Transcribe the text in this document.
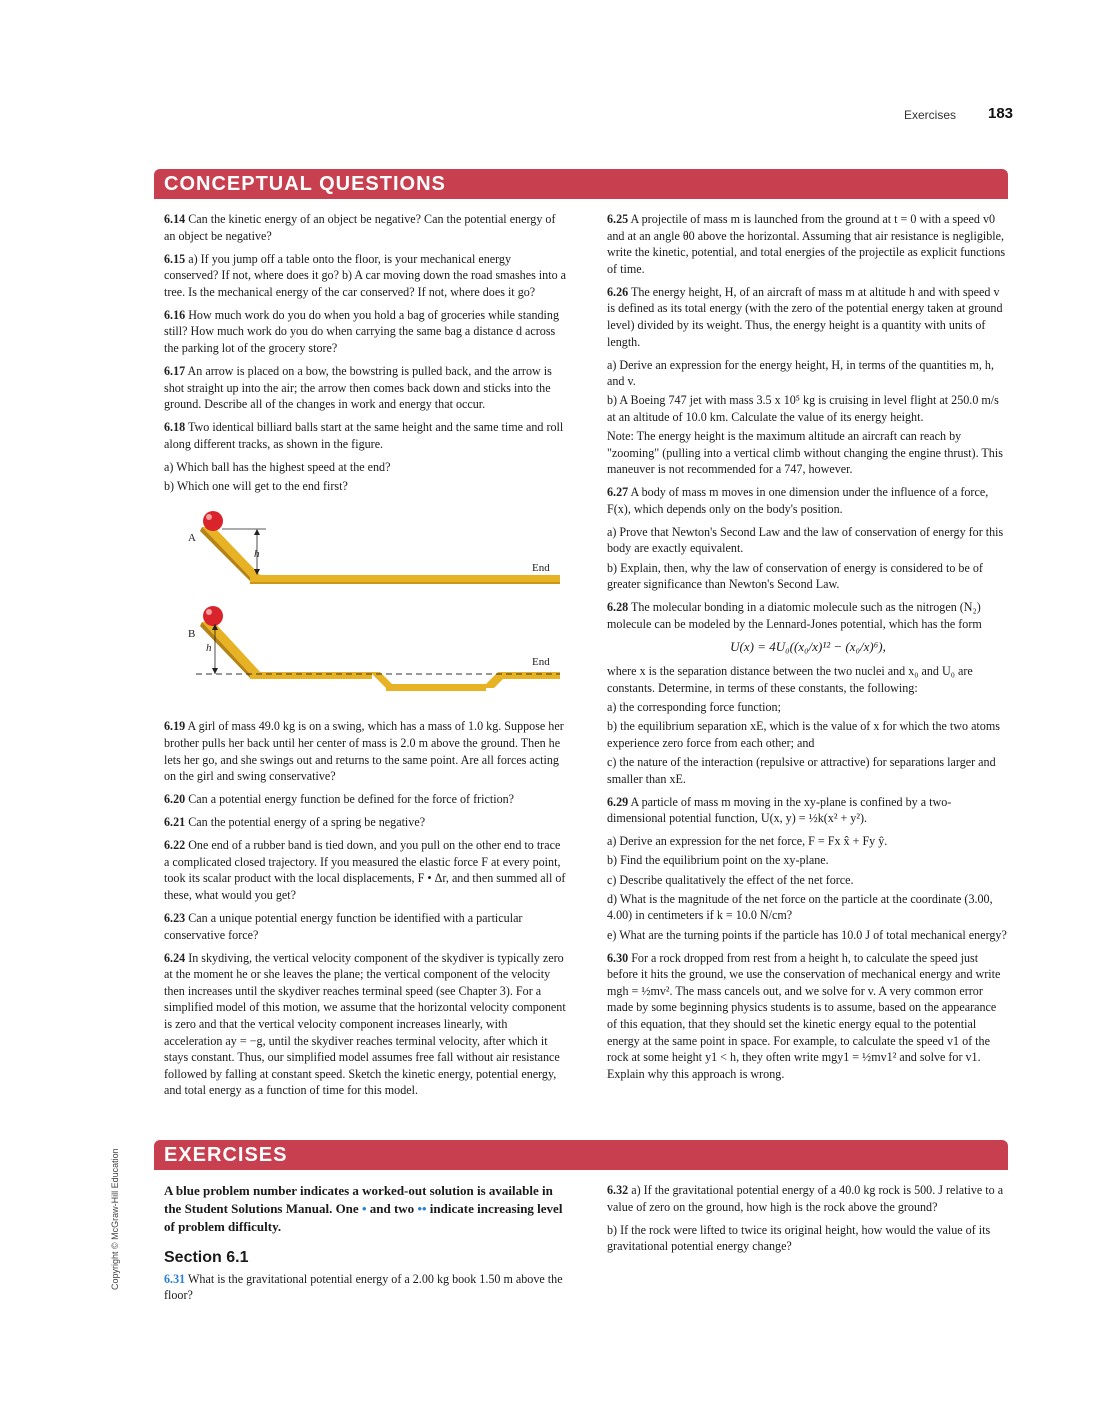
Exercises 183
Copyright © McGraw-Hill Education
CONCEPTUAL QUESTIONS

6.14 Can the kinetic energy of an object be negative? Can the potential energy of an object be negative?

6.15 a) If you jump off a table onto the floor, is your mechanical energy conserved? If not, where does it go? b) A car moving down the road smashes into a tree. Is the mechanical energy of the car conserved? If not, where does it go?

6.16 How much work do you do when you hold a bag of groceries while standing still? How much work do you do when carrying the same bag a distance d across the parking lot of the grocery store?

6.17 An arrow is placed on a bow, the bowstring is pulled back, and the arrow is shot straight up into the air; the arrow then comes back down and sticks into the ground. Describe all of the changes in work and energy that occur.

6.18 Two identical billiard balls start at the same height and the same time and roll along different tracks, as shown in the figure.

a) Which ball has the highest speed at the end?

b) Which one will get to the end first?

A
h
End
B
h
End

6.19 A girl of mass 49.0 kg is on a swing, which has a mass of 1.0 kg. Suppose her brother pulls her back until her center of mass is 2.0 m above the ground. Then he lets her go, and she swings out and returns to the same point. Are all forces acting on the girl and swing conservative?

6.20 Can a potential energy function be defined for the force of friction?

6.21 Can the potential energy of a spring be negative?

6.22 One end of a rubber band is tied down, and you pull on the other end to trace a complicated closed trajectory. If you measured the elastic force F at every point, took its scalar product with the local displacements, F • Δr, and then summed all of these, what would you get?

6.23 Can a unique potential energy function be identified with a particular conservative force?

6.24 In skydiving, the vertical velocity component of the skydiver is typically zero at the moment he or she leaves the plane; the vertical component of the velocity then increases until the skydiver reaches terminal speed (see Chapter 3). For a simplified model of this motion, we assume that the horizontal velocity component is zero and that the vertical velocity component increases linearly, with acceleration ay = −g, until the skydiver reaches terminal velocity, after which it stays constant. Thus, our simplified model assumes free fall without air resistance followed by falling at constant speed. Sketch the kinetic energy, potential energy, and total energy as a function of time for this model.

6.25 A projectile of mass m is launched from the ground at t = 0 with a speed v0 and at an angle θ0 above the horizontal. Assuming that air resistance is negligible, write the kinetic, potential, and total energies of the projectile as explicit functions of time.

6.26 The energy height, H, of an aircraft of mass m at altitude h and with speed v is defined as its total energy (with the zero of the potential energy taken at ground level) divided by its weight. Thus, the energy height is a quantity with units of length.

a) Derive an expression for the energy height, H, in terms of the quantities m, h, and v.

b) A Boeing 747 jet with mass 3.5 x 10⁵ kg is cruising in level flight at 250.0 m/s at an altitude of 10.0 km. Calculate the value of its energy height.

Note: The energy height is the maximum altitude an aircraft can reach by "zooming" (pulling into a vertical climb without changing the engine thrust). This maneuver is not recommended for a 747, however.

6.27 A body of mass m moves in one dimension under the influence of a force, F(x), which depends only on the body's position.

a) Prove that Newton's Second Law and the law of conservation of energy for this body are exactly equivalent.

b) Explain, then, why the law of conservation of energy is considered to be of greater significance than Newton's Second Law.

6.28 The molecular bonding in a diatomic molecule such as the nitrogen (N₂) molecule can be modeled by the Lennard-Jones potential, which has the form

U(x) = 4U₀((x₀/x)¹² − (x₀/x)⁶),

where x is the separation distance between the two nuclei and x₀ and U₀ are constants. Determine, in terms of these constants, the following:

a) the corresponding force function;

b) the equilibrium separation xE, which is the value of x for which the two atoms experience zero force from each other; and

c) the nature of the interaction (repulsive or attractive) for separations larger and smaller than xE.

6.29 A particle of mass m moving in the xy-plane is confined by a two-dimensional potential function, U(x, y) = ½k(x² + y²).

a) Derive an expression for the net force, F = Fx x̂ + Fy ŷ.

b) Find the equilibrium point on the xy-plane.

c) Describe qualitatively the effect of the net force.

d) What is the magnitude of the net force on the particle at the coordinate (3.00, 4.00) in centimeters if k = 10.0 N/cm?

e) What are the turning points if the particle has 10.0 J of total mechanical energy?

6.30 For a rock dropped from rest from a height h, to calculate the speed just before it hits the ground, we use the conservation of mechanical energy and write mgh = ½mv². The mass cancels out, and we solve for v. A very common error made by some beginning physics students is to assume, based on the appearance of this equation, that they should set the kinetic energy equal to the potential energy at the same point in space. For example, to calculate the speed v1 of the rock at some height y1 < h, they often write mgy1 = ½mv1² and solve for v1. Explain why this approach is wrong.

EXERCISES

A blue problem number indicates a worked-out solution is available in the Student Solutions Manual. One • and two •• indicate increasing level of problem difficulty.

Section 6.1

6.31 What is the gravitational potential energy of a 2.00 kg book 1.50 m above the floor?

6.32 a) If the gravitational potential energy of a 40.0 kg rock is 500. J relative to a value of zero on the ground, how high is the rock above the ground?

b) If the rock were lifted to twice its original height, how would the value of its gravitational potential energy change?
